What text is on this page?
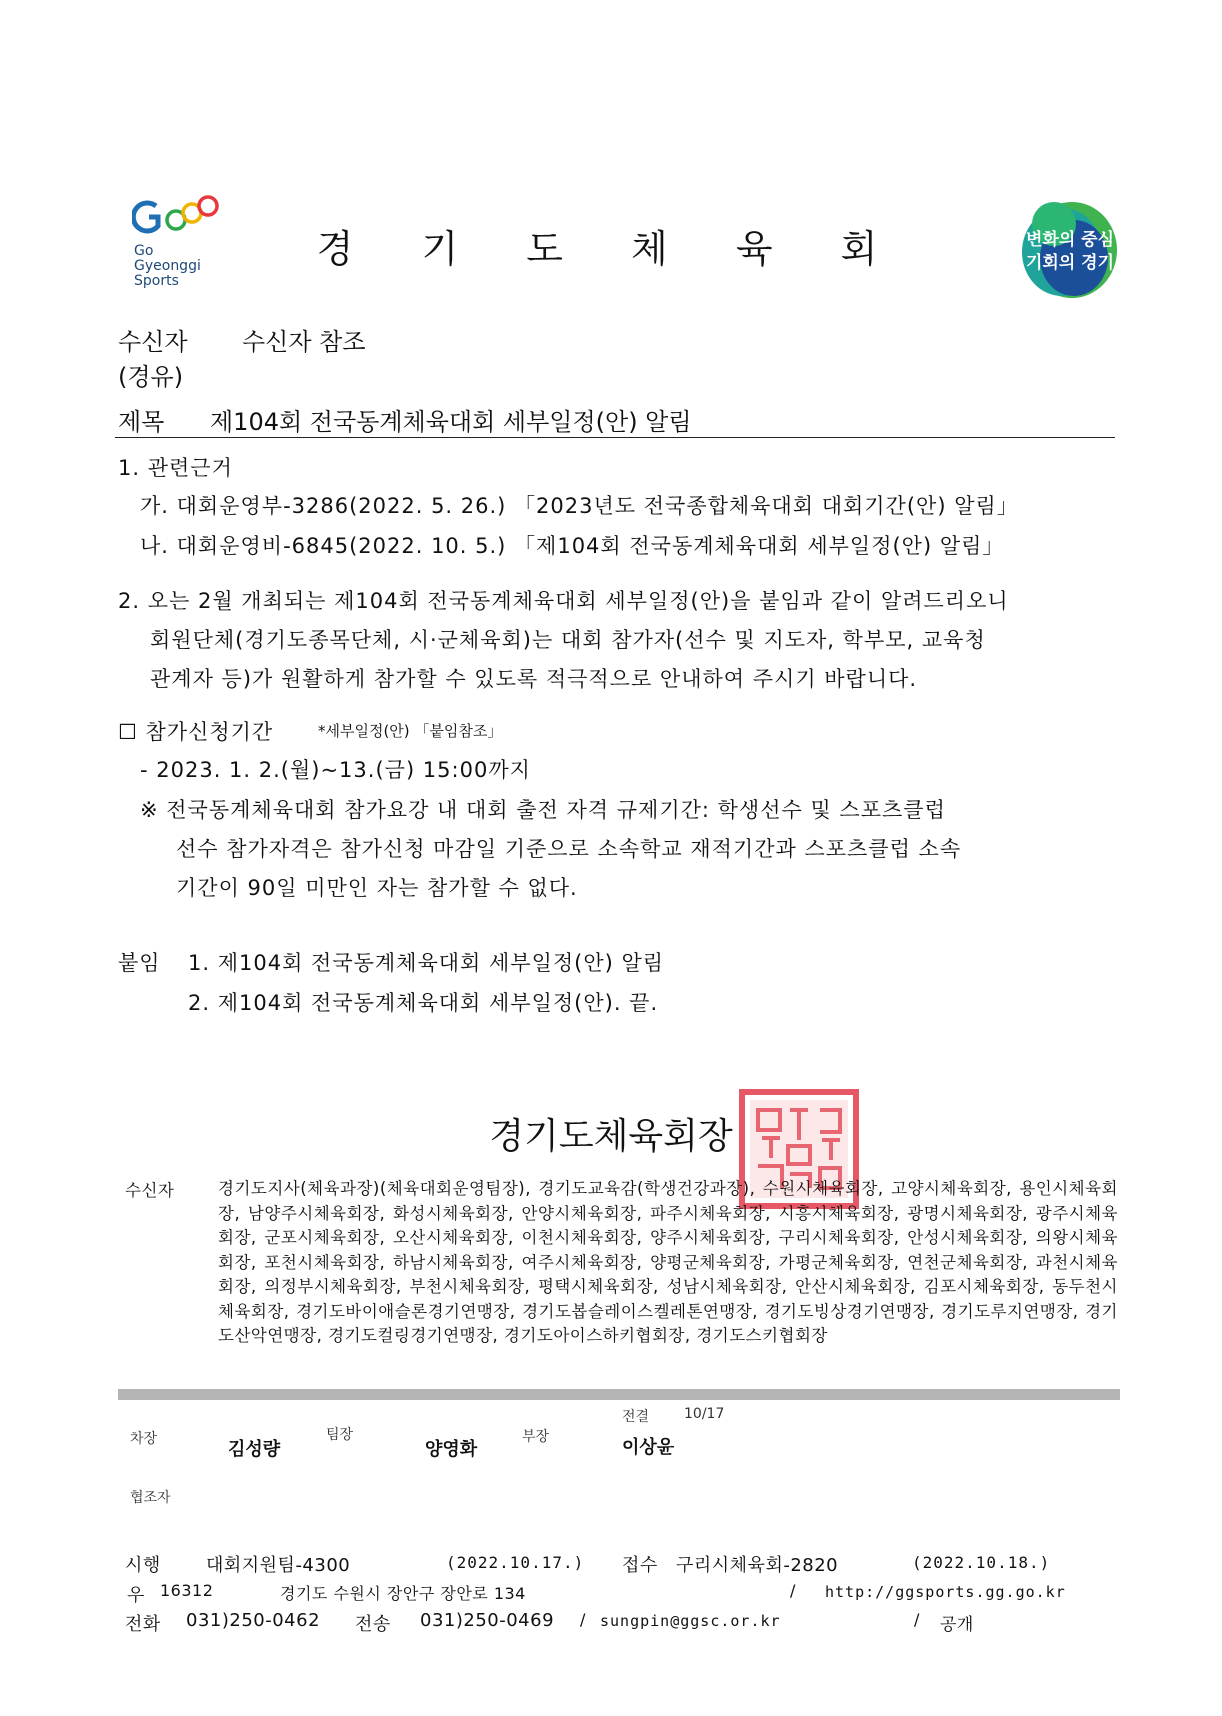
Go
Gyeonggi
Sports
경 기 도 체 육 회	변화의 중심
기회의 경기
수신자 수신자 참조
(경유)
제목 제104회 전국동계체육대회 세부일정(안) 알림
1. 관련근거
가. 대회운영부-3286(2022. 5. 26.) 「2023년도 전국종합체육대회 대회기간(안) 알림」
나. 대회운영비-6845(2022. 10. 5.) 「제104회 전국동계체육대회 세부일정(안) 알림」
2. 오는 2월 개최되는 제104회 전국동계체육대회 세부일정(안)을 붙임과 같이 알려드리오니
회원단체(경기도종목단체, 시·군체육회)는 대회 참가자(선수 및 지도자, 학부모, 교육청
관계자 등)가 원활하게 참가할 수 있도록 적극적으로 안내하여 주시기 바랍니다.
☐ 참가신청기간	*세부일정(안) 「붙임참조」
- 2023. 1. 2.(월)~13.(금) 15:00까지
※ 전국동계체육대회 참가요강 내 대회 출전 자격 규제기간: 학생선수 및 스포츠클럽
선수 참가자격은 참가신청 마감일 기준으로 소속학교 재적기간과 스포츠클럽 소속
기간이 90일 미만인 자는 참가할 수 없다.
붙임 1. 제104회 전국동계체육대회 세부일정(안) 알림
2. 제104회 전국동계체육대회 세부일정(안). 끝.
경기도체육회장
수신자	경기도지사(체육과장)(체육대회운영팀장), 경기도교육감(학생건강과장), 수원시체육회장, 고양시체육회장, 용인시체육회장, 남양주시체육회장, 화성시체육회장, 안양시체육회장, 파주시체육회장, 시흥시체육회장, 광명시체육회장, 광주시체육회장, 군포시체육회장, 오산시체육회장, 이천시체육회장, 양주시체육회장, 구리시체육회장, 안성시체육회장, 의왕시체육회장, 포천시체육회장, 하남시체육회장, 여주시체육회장, 양평군체육회장, 가평군체육회장, 연천군체육회장, 과천시체육회장, 의정부시체육회장, 부천시체육회장, 평택시체육회장, 성남시체육회장, 안산시체육회장, 김포시체육회장, 동두천시체육회장, 경기도바이애슬론경기연맹장, 경기도봅슬레이스켈레톤연맹장, 경기도빙상경기연맹장, 경기도루지연맹장, 경기도산악연맹장, 경기도컬링경기연맹장, 경기도아이스하키협회장, 경기도스키협회장
차장	김성량
팀장
양영화
부장
전결 10/17
이상윤
협조자
시행	대회지원팀-4300	(2022.10.17.) 접수 구리시체육회-2820	(2022.10.18.)
우 16312	경기도 수원시 장안구 장안로 134	/ http://ggsports.gg.go.kr
전화 031)250-0462 전송 031)250-0469 / sungpin@ggsc.or.kr	/ 공개
